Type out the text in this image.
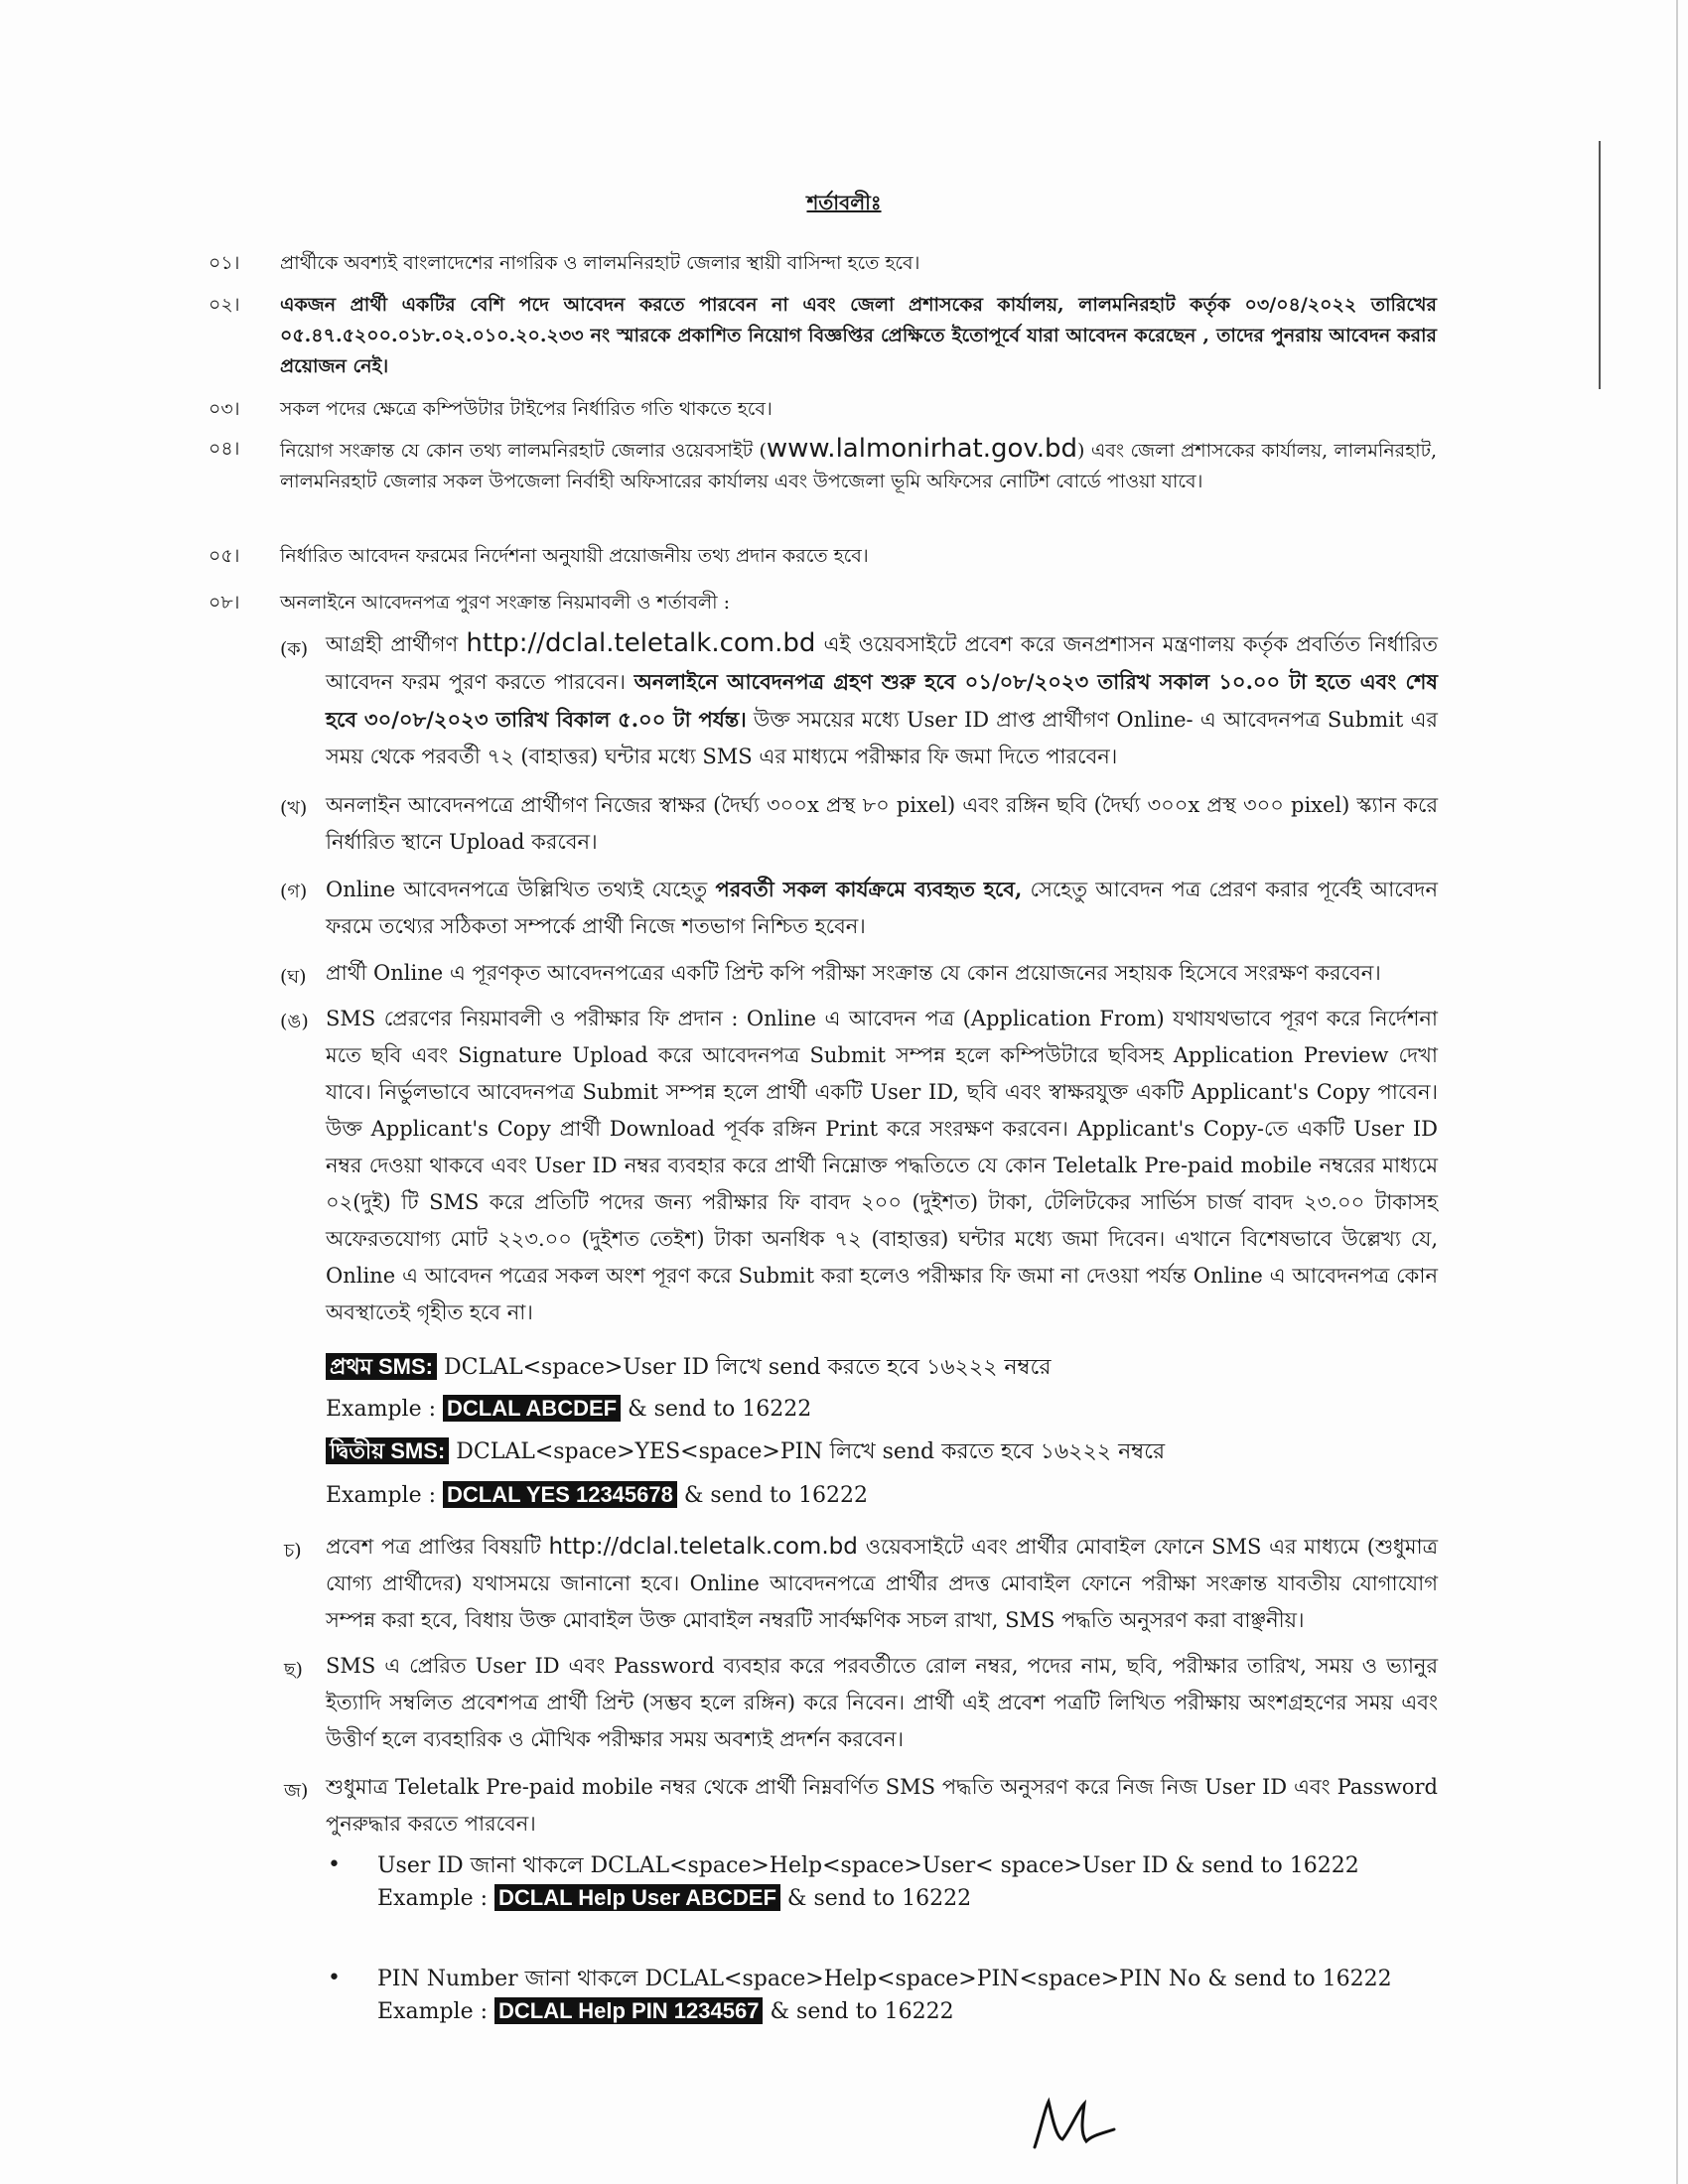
শর্তাবলীঃ
০১।	প্রার্থীকে অবশ্যই বাংলাদেশের নাগরিক ও লালমনিরহাট জেলার স্থায়ী বাসিন্দা হতে হবে।
০২।	একজন প্রার্থী একটির বেশি পদে আবেদন করতে পারবেন না এবং জেলা প্রশাসকের কার্যালয়, লালমনিরহাট কর্তৃক ০৩/০৪/২০২২ তারিখের ০৫.৪৭.৫২০০.০১৮.০২.০১০.২০.২৩৩ নং স্মারকে প্রকাশিত নিয়োগ বিজ্ঞপ্তির প্রেক্ষিতে ইতোপূর্বে যারা আবেদন করেছেন , তাদের পুনরায় আবেদন করার প্রয়োজন নেই।
০৩।	সকল পদের ক্ষেত্রে কম্পিউটার টাইপের নির্ধারিত গতি থাকতে হবে।
০৪।	নিয়োগ সংক্রান্ত যে কোন তথ্য লালমনিরহাট জেলার ওয়েবসাইট (www.lalmonirhat.gov.bd) এবং জেলা প্রশাসকের কার্যালয়, লালমনিরহাট, লালমনিরহাট জেলার সকল উপজেলা নির্বাহী অফিসারের কার্যালয় এবং উপজেলা ভূমি অফিসের নোটিশ বোর্ডে পাওয়া যাবে।
০৫।	নির্ধারিত আবেদন ফরমের নির্দেশনা অনুযায়ী প্রয়োজনীয় তথ্য প্রদান করতে হবে।
০৮।	অনলাইনে আবেদনপত্র পুরণ সংক্রান্ত নিয়মাবলী ও শর্তাবলী :
(ক) আগ্রহী প্রার্থীগণ http://dclal.teletalk.com.bd এই ওয়েবসাইটে প্রবেশ করে জনপ্রশাসন মন্ত্রণালয় কর্তৃক প্রবর্তিত নির্ধারিত আবেদন ফরম পুরণ করতে পারবেন। অনলাইনে আবেদনপত্র গ্রহণ শুরু হবে ০১/০৮/২০২৩ তারিখ সকাল ১০.০০ টা হতে এবং শেষ হবে ৩০/০৮/২০২৩ তারিখ বিকাল ৫.০০ টা পর্যন্ত। উক্ত সময়ের মধ্যে User ID প্রাপ্ত প্রার্থীগণ Online- এ আবেদনপত্র Submit এর সময় থেকে পরবর্তী ৭২ (বাহাত্তর) ঘন্টার মধ্যে SMS এর মাধ্যমে পরীক্ষার ফি জমা দিতে পারবেন।
(খ) অনলাইন আবেদনপত্রে প্রার্থীগণ নিজের স্বাক্ষর (দৈর্ঘ্য ৩০০x প্রস্থ ৮০ pixel) এবং রঙ্গিন ছবি (দৈর্ঘ্য ৩০০x প্রস্থ ৩০০ pixel) স্ক্যান করে নির্ধারিত স্থানে Upload করবেন।
(গ) Online আবেদনপত্রে উল্লিখিত তথ্যই যেহেতু পরবর্তী সকল কার্যক্রমে ব্যবহৃত হবে, সেহেতু আবেদন পত্র প্রেরণ করার পূর্বেই আবেদন ফরমে তথ্যের সঠিকতা সম্পর্কে প্রার্থী নিজে শতভাগ নিশ্চিত হবেন।
(ঘ) প্রার্থী Online এ পূরণকৃত আবেদনপত্রের একটি প্রিন্ট কপি পরীক্ষা সংক্রান্ত যে কোন প্রয়োজনের সহায়ক হিসেবে সংরক্ষণ করবেন।
(ঙ) SMS প্রেরণের নিয়মাবলী ও পরীক্ষার ফি প্রদান : Online এ আবেদন পত্র (Application From) যথাযথভাবে পূরণ করে নির্দেশনা মতে ছবি এবং Signature Upload করে আবেদনপত্র Submit সম্পন্ন হলে কম্পিউটারে ছবিসহ Application Preview দেখা যাবে। নির্ভুলভাবে আবেদনপত্র Submit সম্পন্ন হলে প্রার্থী একটি User ID, ছবি এবং স্বাক্ষরযুক্ত একটি Applicant's Copy পাবেন। উক্ত Applicant's Copy প্রার্থী Download পূর্বক রঙ্গিন Print করে সংরক্ষণ করবেন। Applicant's Copy-তে একটি User ID নম্বর দেওয়া থাকবে এবং User ID নম্বর ব্যবহার করে প্রার্থী নিম্নোক্ত পদ্ধতিতে যে কোন Teletalk Pre-paid mobile নম্বরের মাধ্যমে ০২(দুই) টি SMS করে প্রতিটি পদের জন্য পরীক্ষার ফি বাবদ ২০০ (দুইশত) টাকা, টেলিটকের সার্ভিস চার্জ বাবদ ২৩.০০ টাকাসহ অফেরতযোগ্য মোট ২২৩.০০ (দুইশত তেইশ) টাকা অনধিক ৭২ (বাহাত্তর) ঘন্টার মধ্যে জমা দিবেন। এখানে বিশেষভাবে উল্লেখ্য যে, Online এ আবেদন পত্রের সকল অংশ পূরণ করে Submit করা হলেও পরীক্ষার ফি জমা না দেওয়া পর্যন্ত Online এ আবেদনপত্র কোন অবস্থাতেই গৃহীত হবে না।
প্রথম SMS: DCLAL<space>User ID লিখে send করতে হবে ১৬২২২ নম্বরে
Example : DCLAL ABCDEF & send to 16222
দ্বিতীয় SMS: DCLAL<space>YES<space>PIN লিখে send করতে হবে ১৬২২২ নম্বরে
Example : DCLAL YES 12345678 & send to 16222
চ)	প্রবেশ পত্র প্রাপ্তির বিষয়টি http://dclal.teletalk.com.bd ওয়েবসাইটে এবং প্রার্থীর মোবাইল ফোনে SMS এর মাধ্যমে (শুধুমাত্র যোগ্য প্রার্থীদের) যথাসময়ে জানানো হবে। Online আবেদনপত্রে প্রার্থীর প্রদত্ত মোবাইল ফোনে পরীক্ষা সংক্রান্ত যাবতীয় যোগাযোগ সম্পন্ন করা হবে, বিধায় উক্ত মোবাইল উক্ত মোবাইল নম্বরটি সার্বক্ষণিক সচল রাখা, SMS পদ্ধতি অনুসরণ করা বাঞ্ছনীয়।
ছ)	SMS এ প্রেরিত User ID এবং Password ব্যবহার করে পরবর্তীতে রোল নম্বর, পদের নাম, ছবি, পরীক্ষার তারিখ, সময় ও ভ্যানুর ইত্যাদি সম্বলিত প্রবেশপত্র প্রার্থী প্রিন্ট (সম্ভব হলে রঙ্গিন) করে নিবেন। প্রার্থী এই প্রবেশ পত্রটি লিখিত পরীক্ষায় অংশগ্রহণের সময় এবং উত্তীর্ণ হলে ব্যবহারিক ও মৌখিক পরীক্ষার সময় অবশ্যই প্রদর্শন করবেন।
জ) শুধুমাত্র Teletalk Pre-paid mobile নম্বর থেকে প্রার্থী নিম্নবর্ণিত SMS পদ্ধতি অনুসরণ করে নিজ নিজ User ID এবং Password পুনরুদ্ধার করতে পারবেন।
• User ID জানা থাকলে DCLAL<space>Help<space>User< space>User ID & send to 16222
Example : DCLAL Help User ABCDEF & send to 16222
• PIN Number জানা থাকলে DCLAL<space>Help<space>PIN<space>PIN No & send to 16222
Example : DCLAL Help PIN 1234567 & send to 16222
